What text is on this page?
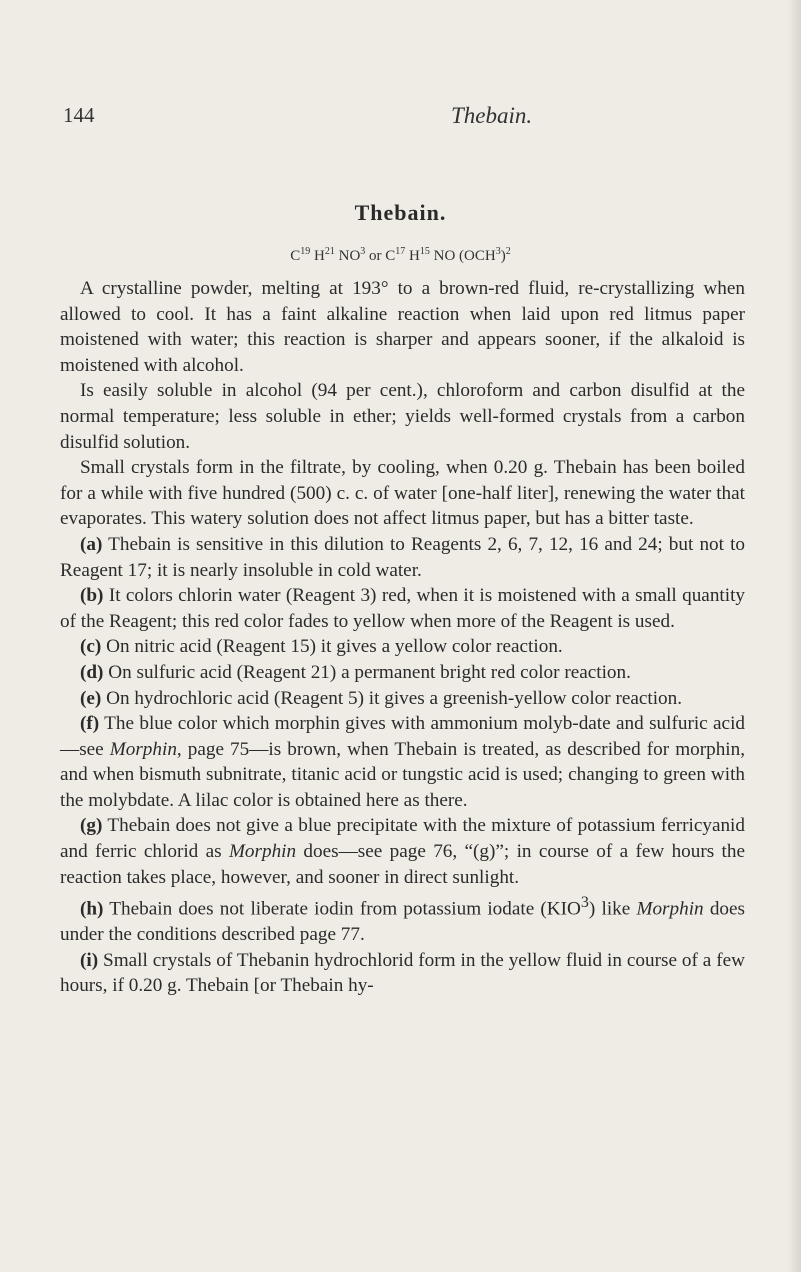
144	Thebain.
Thebain.
$C^{19}$ $H^{21}$ $NO^3$ or $C^{17}$ $H^{15}$ NO $(OCH^3)^2$

A crystalline powder, melting at 193° to a brown-red fluid, re-crystallizing when allowed to cool. It has a faint alkaline reaction when laid upon red litmus paper moistened with water; this reaction is sharper and appears sooner, if the alkaloid is moistened with alcohol.

Is easily soluble in alcohol (94 per cent.), chloroform and carbon disulfid at the normal temperature; less soluble in ether; yields well-formed crystals from a carbon disulfid solution.

Small crystals form in the filtrate, by cooling, when 0.20 g. Thebain has been boiled for a while with five hundred (500) c. c. of water [one-half liter], renewing the water that evaporates. This watery solution does not affect litmus paper, but has a bitter taste.

(a) Thebain is sensitive in this dilution to Reagents 2, 6, 7, 12, 16 and 24; but not to Reagent 17; it is nearly insoluble in cold water.

(b) It colors chlorin water (Reagent 3) red, when it is moistened with a small quantity of the Reagent; this red color fades to yellow when more of the Reagent is used.

(c) On nitric acid (Reagent 15) it gives a yellow color reaction.

(d) On sulfuric acid (Reagent 21) a permanent bright red color reaction.

(e) On hydrochloric acid (Reagent 5) it gives a greenish-yellow color reaction.

(f) The blue color which morphin gives with ammonium molyb-date and sulfuric acid—see Morphin, page 75—is brown, when Thebain is treated, as described for morphin, and when bismuth subnitrate, titanic acid or tungstic acid is used; changing to green with the molybdate. A lilac color is obtained here as there.

(g) Thebain does not give a blue precipitate with the mixture of potassium ferricyanid and ferric chlorid as Morphin does—see page 76, “(g)”; in course of a few hours the reaction takes place, however, and sooner in direct sunlight.

(h) Thebain does not liberate iodin from potassium iodate (KIO$^3$) like Morphin does under the conditions described page 77.

(i) Small crystals of Thebanin hydrochlorid form in the yellow fluid in course of a few hours, if 0.20 g. Thebain [or Thebain hy-
